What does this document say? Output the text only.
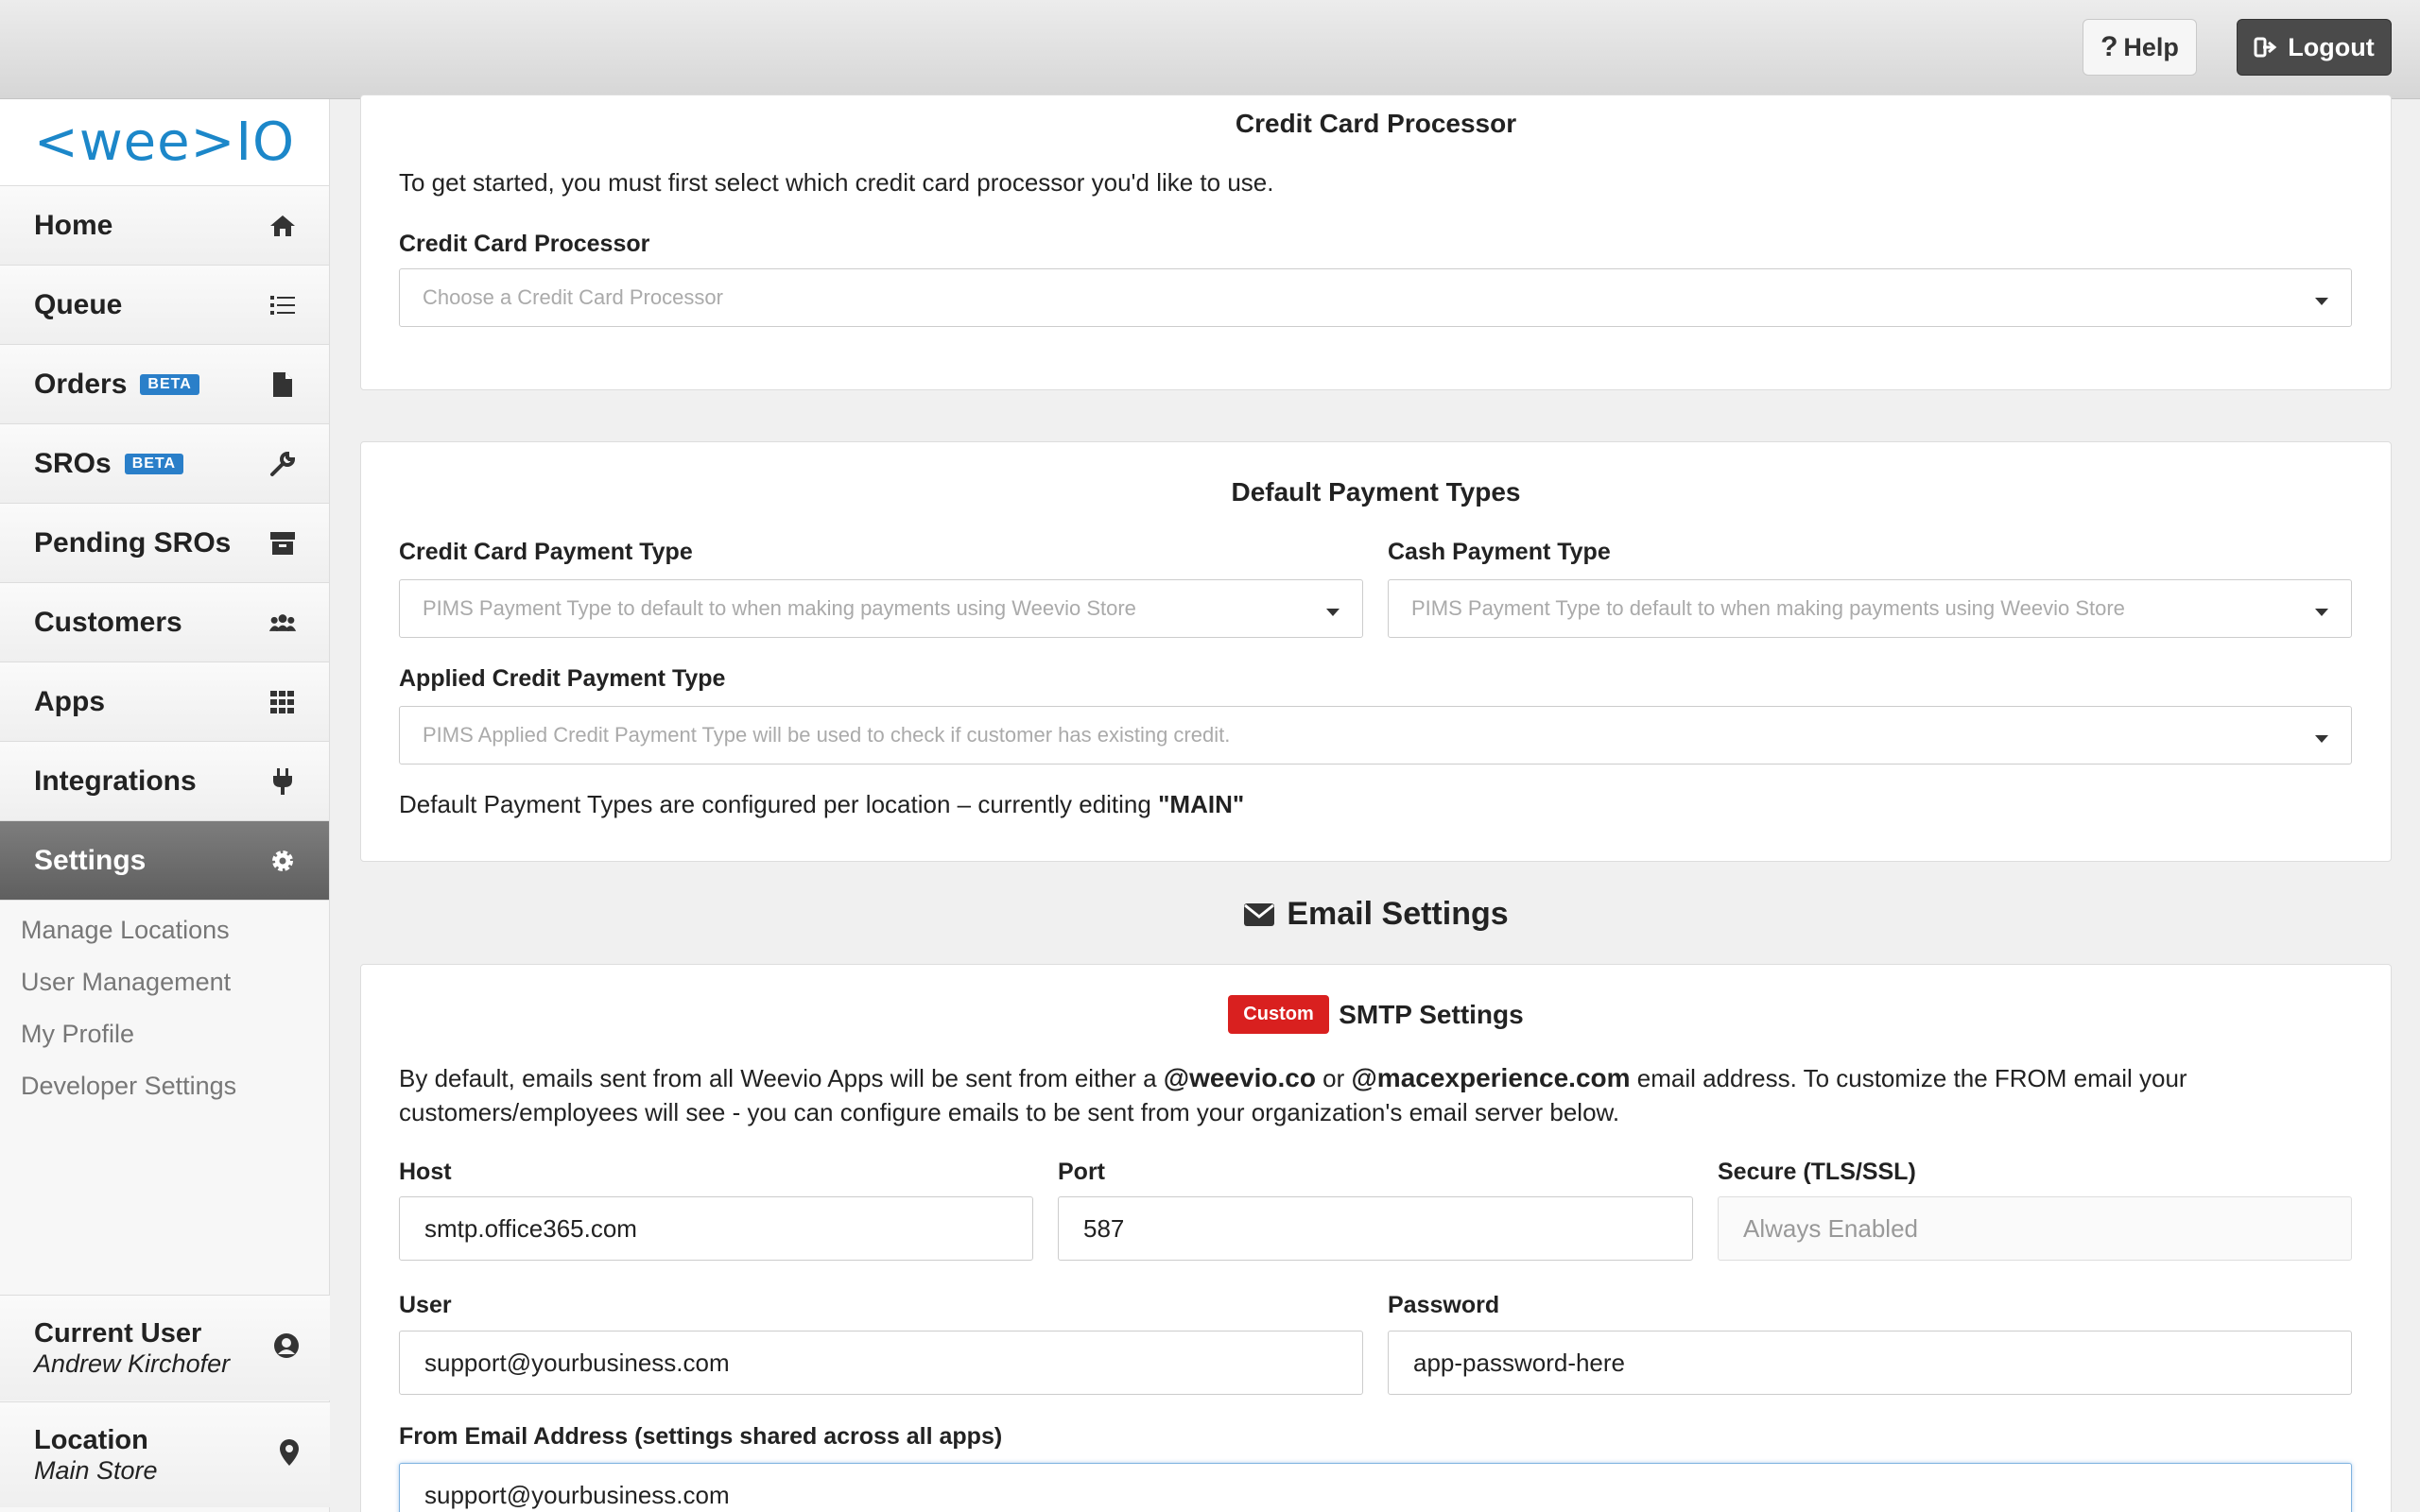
? Help	Logout
<wee>IO
Home
Queue
Orders	BETA
SROs	BETA
Pending SROs
Customers
Apps
Integrations
Settings
Manage Locations
User Management
My Profile
Developer Settings
Current User
Andrew Kirchofer
Location
Main Store
Credit Card Processor
To get started, you must first select which credit card processor you'd like to use.
Credit Card Processor
Choose a Credit Card Processor
Default Payment Types
Credit Card Payment Type
PIMS Payment Type to default to when making payments using Weevio Store
Cash Payment Type
PIMS Payment Type to default to when making payments using Weevio Store
Applied Credit Payment Type
PIMS Applied Credit Payment Type will be used to check if customer has existing credit.
Default Payment Types are configured per location – currently editing "MAIN"
Email Settings
Custom SMTP Settings
By default, emails sent from all Weevio Apps will be sent from either a @weevio.co or @macexperience.com email address. To customize the FROM email your customers/employees will see - you can configure emails to be sent from your organization's email server below.
Host
smtp.office365.com
Port
587
Secure (TLS/SSL)
Always Enabled
User
support@yourbusiness.com
Password
app-password-here
From Email Address (settings shared across all apps)
support@yourbusiness.com
